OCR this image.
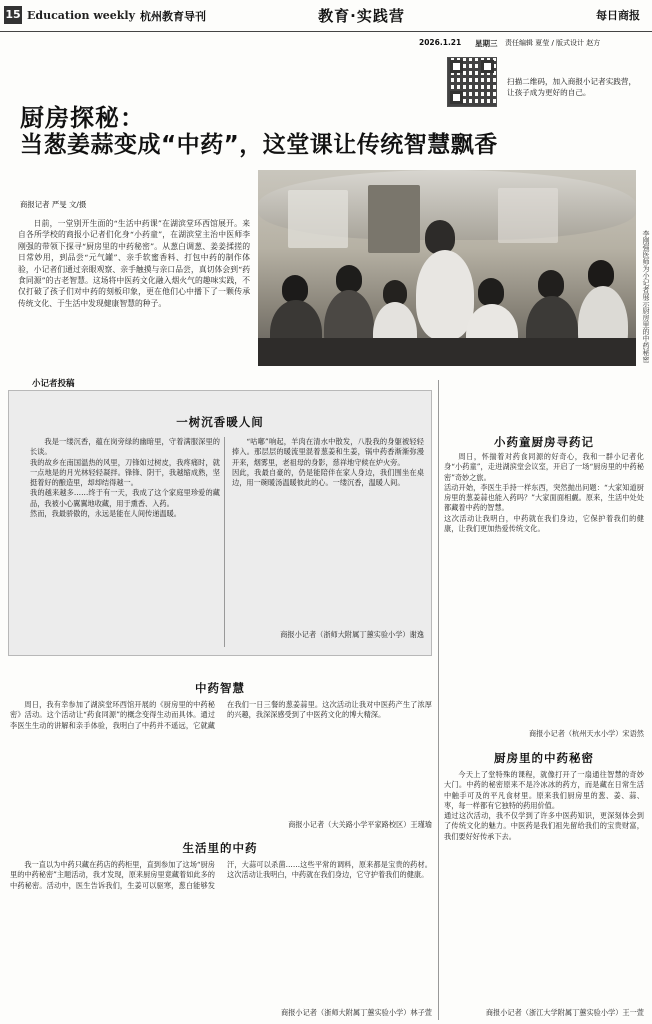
15 Education weekly 杭州教育导刊	教育·实践营	每日商报
2026.1.21 星期三 责任编辑 夏莹 / 版式设计 赵方
扫描二维码，加入商报小记者实践营，让孩子成为更好的自己。
厨房探秘：
当葱姜蒜变成“中药”，这堂课让传统智慧飘香
商报记者 严旻 文/摄
日前，一堂别开生面的“生活中药课”在湖滨堂环西馆展开。来自各所学校的商报小记者们化身“小药童”，在湖滨堂主治中医师李刚强的带领下探寻“厨房里的中药秘密”。从葱白调葱、姜姜揉搓的日常妙用，到品尝“元气罐”、亲手软蜜香料、打包中药的制作体验，小记者们通过亲眼观察、亲手触摸与亲口品尝，真切体会到“药食同源”的古老智慧。这场将中医药文化融入烟火气的趣味实践，不仅打破了孩子们对中药的刻板印象，更在他们心中播下了一颗传承传统文化、于生活中发现健康智慧的种子。	李刚强医师为小记者展示厨房里的中药秘密
小记者投稿
一树沉香暖人间
我是一缕沉香，蕴在岗旁绿的幽暗里，守着满服深里的长谈。
我的故乡在南国温热的风里，刀锋如过树皮，我疼痛时，就一点地是的月光林轻轻凝拌。锋锋、阴干，我越缩成熟，坚挺着好的酿造里，却却结得越一。
我的越来越多……终于有一天，我成了这个家庭里珍爱的藏品，我被小心翼翼地收藏，用于熏香、入药。
然而，我最骄傲的，永远是能在人间传递温暖。
“咕嘟”响起，羊肉在清水中散发，八股我的身躯被轻轻捧入。那层层的暖流里混着葱姜和生姜，锅中药香渐渐弥漫开来，烟雾里，老祖母的身影，慈祥地守候在炉火旁。
因此，我最自豪的，仍是能陪伴在家人身边，我们围坐在桌边，用一碗暖汤温暖彼此的心。一缕沉香，温暖人间。
商报小记者（浙师大附属丁蕙实验小学）谢逸
中药智慧
周日，我有幸参加了湖滨堂环西馆开展的《厨房里的中药秘密》活动。这个活动让“药食同源”的概念变得生动而具体。通过李医生生动的讲解和亲手体验，我明白了中药并不遥远，它就藏在我们一日三餐的葱姜蒜里。这次活动让我对中医药产生了浓厚的兴趣，我深深感受到了中医药文化的博大精深。
商报小记者（大关路小学平家路校区）王瑾瑜
生活里的中药
我一直以为中药只藏在药店的药柜里，直到参加了这场“厨房里的中药秘密”主题活动，我才发现，原来厨房里竟藏着如此多的中药秘密。活动中，医生告诉我们，生姜可以驱寒，葱白能够发汗，大蒜可以杀菌……这些平常的调料，原来都是宝贵的药材。这次活动让我明白，中药就在我们身边，它守护着我们的健康。
商报小记者（浙师大附属丁蕙实验小学）林子萱
小药童厨房寻药记
周日，怀揣着对药食同源的好奇心，我和一群小记者化身“小药童”，走进湖滨堂会议室，开启了一场“厨房里的中药秘密”奇妙之旅。
活动开始，李医生手持一样东西，突然抛出问题：“大家知道厨房里的葱姜蒜也能入药吗？”大家面面相觑。原来，生活中处处都藏着中药的智慧。
这次活动让我明白，中药就在我们身边，它保护着我们的健康，让我们更加热爱传统文化。
商报小记者（杭州天水小学）宋语然
厨房里的中药秘密
今天上了堂特殊的课程，就像打开了一扇通往智慧的奇妙大门。中药的秘密原来不是冷冰冰的药方，而是藏在日常生活中触手可及的平凡食材里。原来我们厨房里的葱、姜、蒜、枣，每一样都有它独特的药用价值。
通过这次活动，我不仅学到了许多中医药知识，更深刻体会到了传统文化的魅力。中医药是我们祖先留给我们的宝贵财富，我们要好好传承下去。
商报小记者（浙江大学附属丁蕙实验小学）王一萱
